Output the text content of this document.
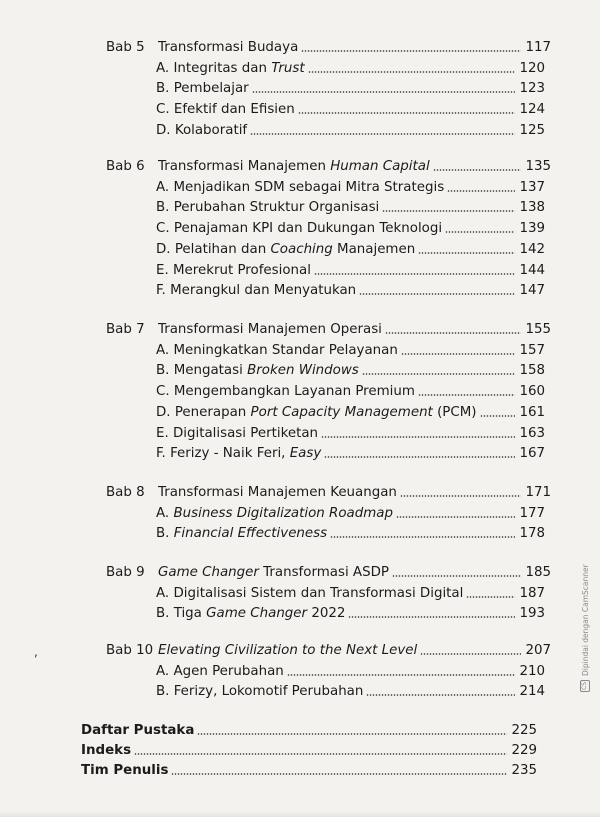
Bab 5 Transformasi Budaya	117
A. Integritas dan Trust	120
B. Pembelajar	123
C. Efektif dan Efisien	124
D. Kolaboratif	125
Bab 6 Transformasi Manajemen Human Capital	135
A. Menjadikan SDM sebagai Mitra Strategis	137
B. Perubahan Struktur Organisasi	138
C. Penajaman KPI dan Dukungan Teknologi	139
D. Pelatihan dan Coaching Manajemen	142
E. Merekrut Profesional	144
F. Merangkul dan Menyatukan	147
Bab 7 Transformasi Manajemen Operasi	155
A. Meningkatkan Standar Pelayanan	157
B. Mengatasi Broken Windows	158
C. Mengembangkan Layanan Premium	160
D. Penerapan Port Capacity Management (PCM)	161
E. Digitalisasi Pertiketan	163
F. Ferizy - Naik Feri, Easy	167
Bab 8 Transformasi Manajemen Keuangan	171
A. Business Digitalization Roadmap	177
B. Financial Effectiveness	178
Bab 9 Game Changer Transformasi ASDP	185
A. Digitalisasi Sistem dan Transformasi Digital	187
B. Tiga Game Changer 2022	193
Bab 10 Elevating Civilization to the Next Level	207
A. Agen Perubahan	210
B. Ferizy, Lokomotif Perubahan	214
Daftar Pustaka	225
Indeks	229
Tim Penulis	235
,
CS
Dipindai dengan CamScanner
